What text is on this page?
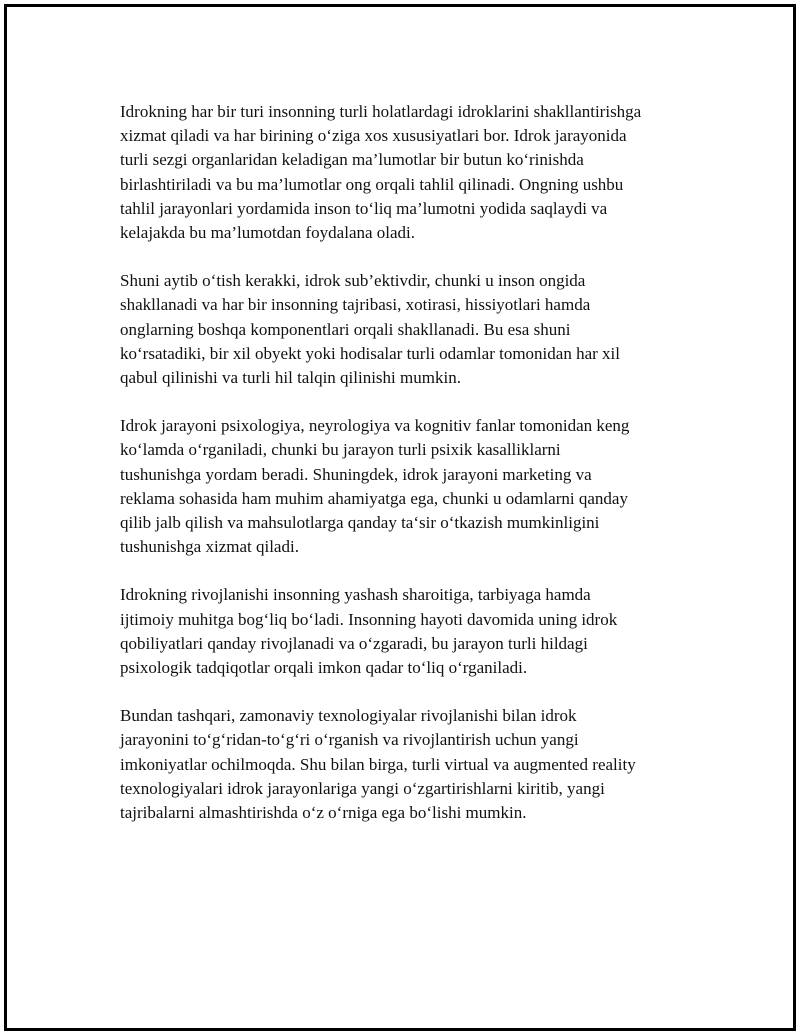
Idrokning har bir turi insonning turli holatlardagi idroklarini shakllantirishga
xizmat qiladi va har birining o‘ziga xos xususiyatlari bor. Idrok jarayonida
turli sezgi organlaridan keladigan ma’lumotlar bir butun ko‘rinishda
birlashtiriladi va bu ma’lumotlar ong orqali tahlil qilinadi. Ongning ushbu
tahlil jarayonlari yordamida inson to‘liq ma’lumotni yodida saqlaydi va
kelajakda bu ma’lumotdan foydalana oladi.

Shuni aytib o‘tish kerakki, idrok sub’ektivdir, chunki u inson ongida
shakllanadi va har bir insonning tajribasi, xotirasi, hissiyotlari hamda
onglarning boshqa komponentlari orqali shakllanadi. Bu esa shuni
ko‘rsatadiki, bir xil obyekt yoki hodisalar turli odamlar tomonidan har xil
qabul qilinishi va turli hil talqin qilinishi mumkin.

Idrok jarayoni psixologiya, neyrologiya va kognitiv fanlar tomonidan keng
ko‘lamda o‘rganiladi, chunki bu jarayon turli psixik kasalliklarni
tushunishga yordam beradi. Shuningdek, idrok jarayoni marketing va
reklama sohasida ham muhim ahamiyatga ega, chunki u odamlarni qanday
qilib jalb qilish va mahsulotlarga qanday ta‘sir o‘tkazish mumkinligini
tushunishga xizmat qiladi.

Idrokning rivojlanishi insonning yashash sharoitiga, tarbiyaga hamda
ijtimoiy muhitga bog‘liq bo‘ladi. Insonning hayoti davomida uning idrok
qobiliyatlari qanday rivojlanadi va o‘zgaradi, bu jarayon turli hildagi
psixologik tadqiqotlar orqali imkon qadar to‘liq o‘rganiladi.

Bundan tashqari, zamonaviy texnologiyalar rivojlanishi bilan idrok
jarayonini to‘g‘ridan-to‘g‘ri o‘rganish va rivojlantirish uchun yangi
imkoniyatlar ochilmoqda. Shu bilan birga, turli virtual va augmented reality
texnologiyalari idrok jarayonlariga yangi o‘zgartirishlarni kiritib, yangi
tajribalarni almashtirishda o‘z o‘rniga ega bo‘lishi mumkin.
